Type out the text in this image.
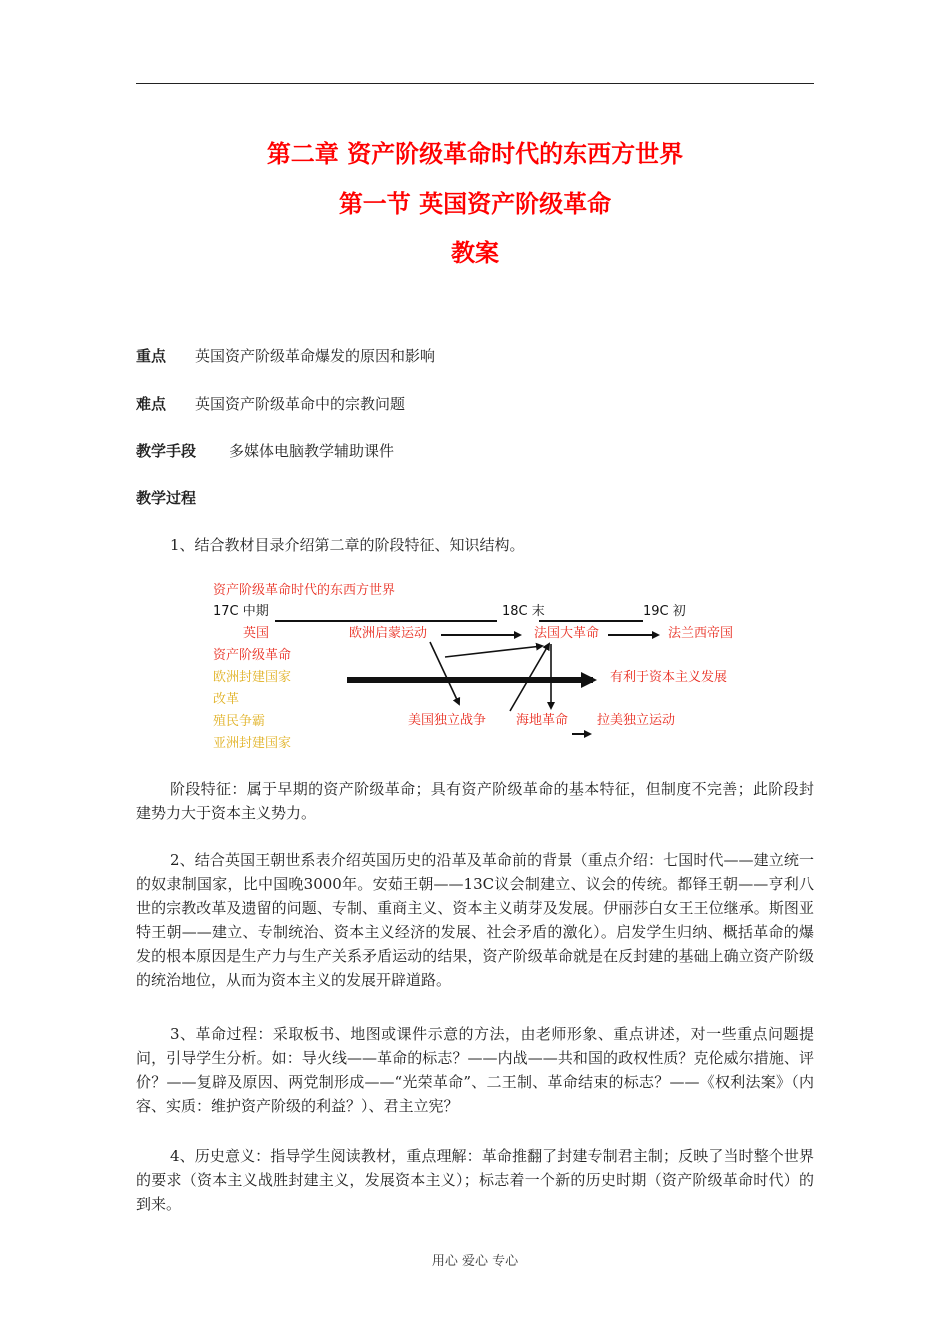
第二章 资产阶级革命时代的东西方世界
第一节 英国资产阶级革命
教案
重点 英国资产阶级革命爆发的原因和影响
难点 英国资产阶级革命中的宗教问题
教学手段 多媒体电脑教学辅助课件
教学过程
1、结合教材目录介绍第二章的阶段特征、知识结构。
资产阶级革命时代的东西方世界
17C 中期	18C 末	19C 初
英国
资产阶级革命
欧洲封建国家
改革
殖民争霸
亚洲封建国家
欧洲启蒙运动	法国大革命	法兰西帝国
有利于资本主义发展
美国独立战争 海地革命 拉美独立运动
阶段特征：属于早期的资产阶级革命；具有资产阶级革命的基本特征，但制度不完善；此阶段封建势力大于资本主义势力。
2、结合英国王朝世系表介绍英国历史的沿革及革命前的背景（重点介绍：七国时代——建立统一的奴隶制国家，比中国晚3000年。安茹王朝——13C议会制建立、议会的传统。都铎王朝——亨利八世的宗教改革及遗留的问题、专制、重商主义、资本主义萌芽及发展。伊丽莎白女王王位继承。斯图亚特王朝——建立、专制统治、资本主义经济的发展、社会矛盾的激化）。启发学生归纳、概括革命的爆发的根本原因是生产力与生产关系矛盾运动的结果，资产阶级革命就是在反封建的基础上确立资产阶级的统治地位，从而为资本主义的发展开辟道路。
3、革命过程：采取板书、地图或课件示意的方法，由老师形象、重点讲述，对一些重点问题提问，引导学生分析。如：导火线——革命的标志？——内战——共和国的政权性质？克伦威尔措施、评价？——复辟及原因、两党制形成——“光荣革命”、二王制、革命结束的标志？——《权利法案》（内容、实质：维护资产阶级的利益？）、君主立宪？
4、历史意义：指导学生阅读教材，重点理解：革命推翻了封建专制君主制；反映了当时整个世界的要求（资本主义战胜封建主义，发展资本主义）；标志着一个新的历史时期（资产阶级革命时代）的到来。
用心 爱心 专心
